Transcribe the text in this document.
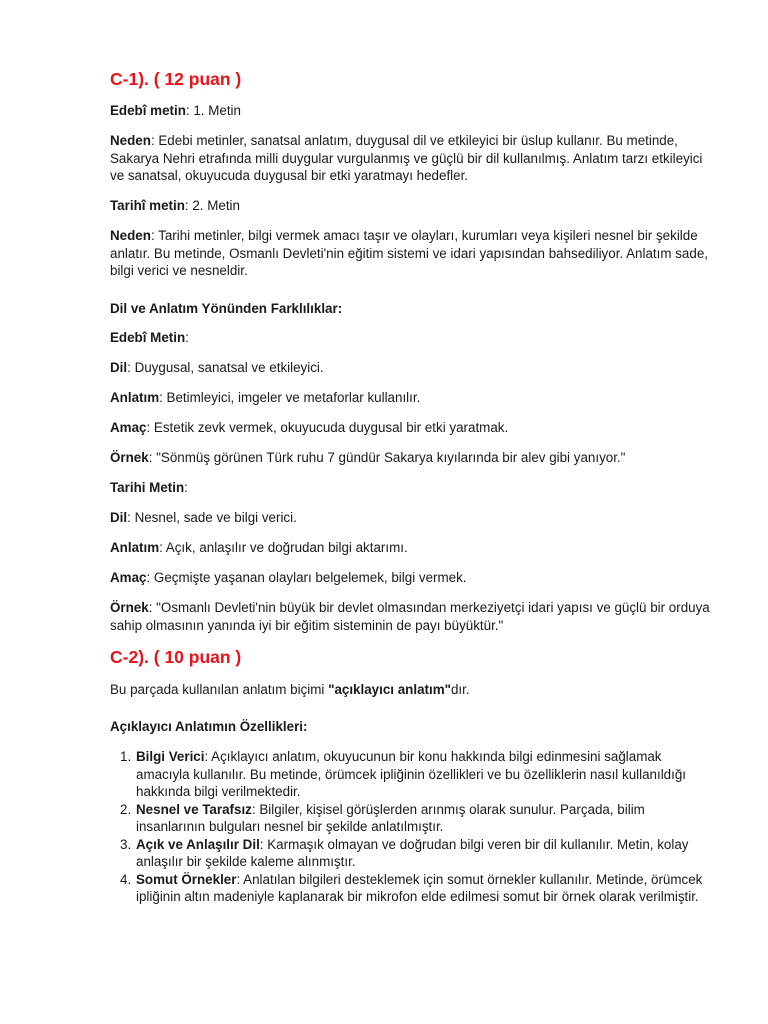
C-1). ( 12 puan )

Edebî metin: 1. Metin

Neden: Edebi metinler, sanatsal anlatım, duygusal dil ve etkileyici bir üslup kullanır. Bu metinde, Sakarya Nehri etrafında milli duygular vurgulanmış ve güçlü bir dil kullanılmış. Anlatım tarzı etkileyici ve sanatsal, okuyucuda duygusal bir etki yaratmayı hedefler.

Tarihî metin: 2. Metin

Neden: Tarihi metinler, bilgi vermek amacı taşır ve olayları, kurumları veya kişileri nesnel bir şekilde anlatır. Bu metinde, Osmanlı Devleti'nin eğitim sistemi ve idari yapısından bahsediliyor. Anlatım sade, bilgi verici ve nesneldir.

Dil ve Anlatım Yönünden Farklılıklar:

Edebî Metin:

Dil: Duygusal, sanatsal ve etkileyici.

Anlatım: Betimleyici, imgeler ve metaforlar kullanılır.

Amaç: Estetik zevk vermek, okuyucuda duygusal bir etki yaratmak.

Örnek: "Sönmüş görünen Türk ruhu 7 gündür Sakarya kıyılarında bir alev gibi yanıyor."

Tarihi Metin:

Dil: Nesnel, sade ve bilgi verici.

Anlatım: Açık, anlaşılır ve doğrudan bilgi aktarımı.

Amaç: Geçmişte yaşanan olayları belgelemek, bilgi vermek.

Örnek: "Osmanlı Devleti'nin büyük bir devlet olmasından merkeziyetçi idari yapısı ve güçlü bir orduya sahip olmasının yanında iyi bir eğitim sisteminin de payı büyüktür."

C-2). ( 10 puan )

Bu parçada kullanılan anlatım biçimi "açıklayıcı anlatım"dır.

Açıklayıcı Anlatımın Özellikleri:

1. Bilgi Verici: Açıklayıcı anlatım, okuyucunun bir konu hakkında bilgi edinmesini sağlamak amacıyla kullanılır. Bu metinde, örümcek ipliğinin özellikleri ve bu özelliklerin nasıl kullanıldığı hakkında bilgi verilmektedir.
2. Nesnel ve Tarafsız: Bilgiler, kişisel görüşlerden arınmış olarak sunulur. Parçada, bilim insanlarının bulguları nesnel bir şekilde anlatılmıştır.
3. Açık ve Anlaşılır Dil: Karmaşık olmayan ve doğrudan bilgi veren bir dil kullanılır. Metin, kolay anlaşılır bir şekilde kaleme alınmıştır.
4. Somut Örnekler: Anlatılan bilgileri desteklemek için somut örnekler kullanılır. Metinde, örümcek ipliğinin altın madeniyle kaplanarak bir mikrofon elde edilmesi somut bir örnek olarak verilmiştir.
